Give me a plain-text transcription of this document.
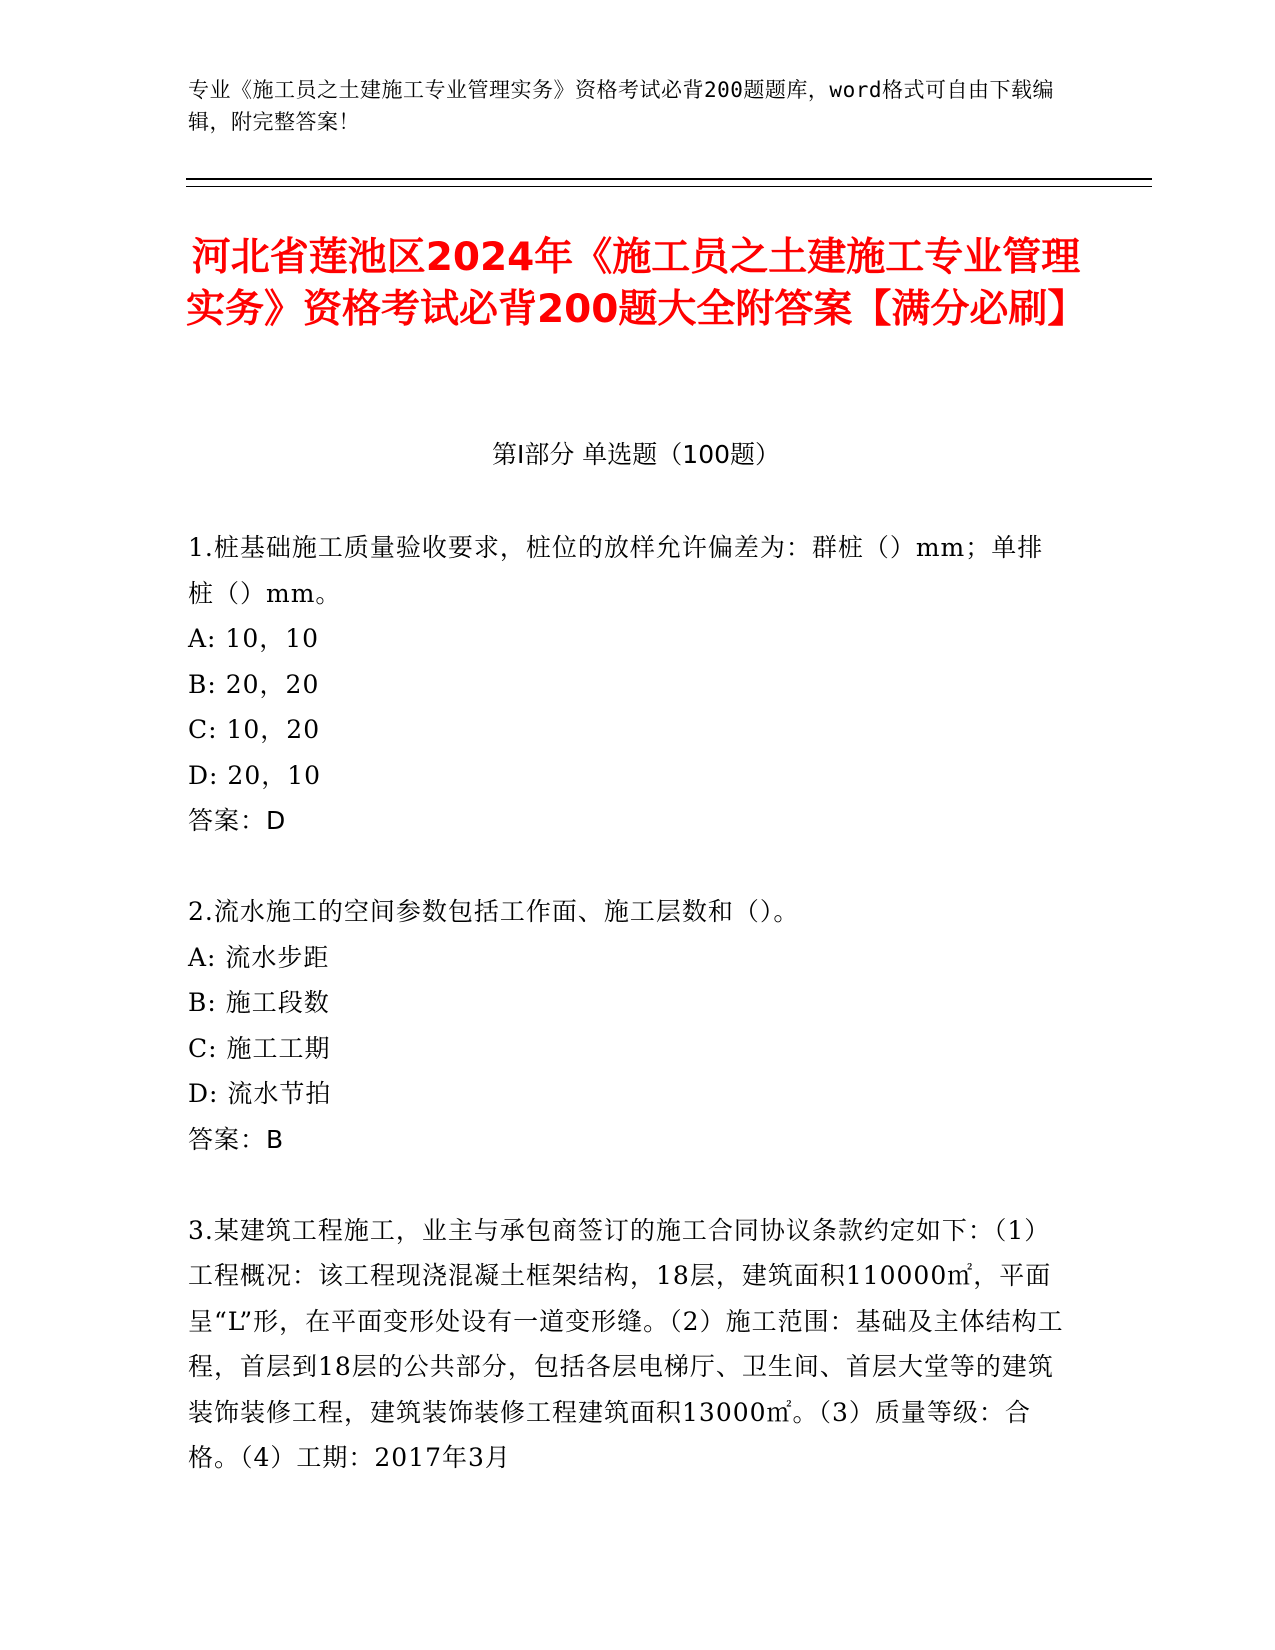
专业《施工员之土建施工专业管理实务》资格考试必背200题题库，word格式可自由下载编辑，附完整答案！
河北省莲池区2024年《施工员之土建施工专业管理实务》资格考试必背200题大全附答案【满分必刷】
第Ⅰ部分 单选题（100题）

1.桩基础施工质量验收要求，桩位的放样允许偏差为：群桩（）mm；单排桩（）mm。

A: 10，10

B: 20，20

C: 10，20

D: 20，10

答案：D

2.流水施工的空间参数包括工作面、施工层数和（）。

A: 流水步距

B: 施工段数

C: 施工工期

D: 流水节拍

答案：B

3.某建筑工程施工，业主与承包商签订的施工合同协议条款约定如下：（1）工程概况：该工程现浇混凝土框架结构，18层，建筑面积110000㎡，平面呈“L”形，在平面变形处设有一道变形缝。（2）施工范围：基础及主体结构工程，首层到18层的公共部分，包括各层电梯厅、卫生间、首层大堂等的建筑装饰装修工程，建筑装饰装修工程建筑面积13000㎡。（3）质量等级：合格。（4）工期：2017年3月
